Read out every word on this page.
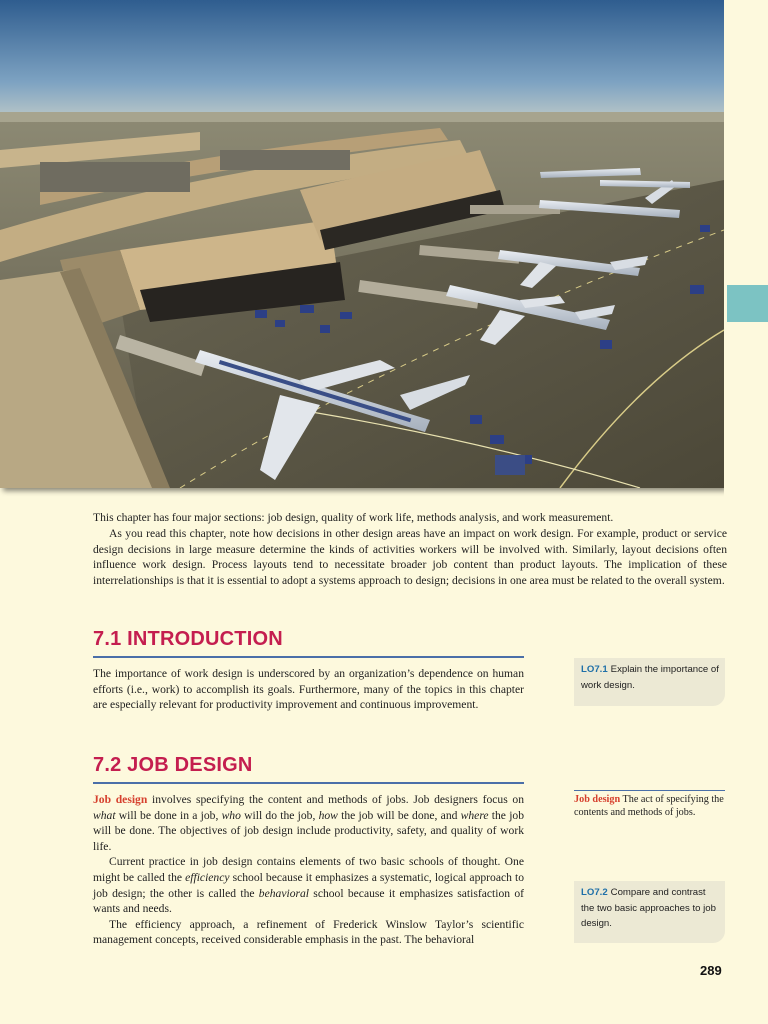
This chapter has four major sections: job design, quality of work life, methods analysis, and work measurement.

As you read this chapter, note how decisions in other design areas have an impact on work design. For example, product or service design decisions in large measure determine the kinds of activities workers will be involved with. Similarly, layout decisions often influence work design. Process layouts tend to necessitate broader job content than product layouts. The implication of these interrelationships is that it is essential to adopt a systems approach to design; decisions in one area must be related to the overall system.

7.1 INTRODUCTION

The importance of work design is underscored by an organization’s dependence on human efforts (i.e., work) to accomplish its goals. Furthermore, many of the topics in this chapter are especially relevant for productivity improvement and continuous improvement.

LO7.1 Explain the importance of work design.
7.2 JOB DESIGN

Job design involves specifying the content and methods of jobs. Job designers focus on what will be done in a job, who will do the job, how the job will be done, and where the job will be done. The objectives of job design include productivity, safety, and quality of work life.

Current practice in job design contains elements of two basic schools of thought. One might be called the efficiency school because it emphasizes a systematic, logical approach to job design; the other is called the behavioral school because it emphasizes satisfaction of wants and needs.

The efficiency approach, a refinement of Frederick Winslow Taylor’s scientific management concepts, received considerable emphasis in the past. The behavioral

Job design The act of specifying the contents and methods of jobs.
LO7.2 Compare and contrast the two basic approaches to job design.
289
